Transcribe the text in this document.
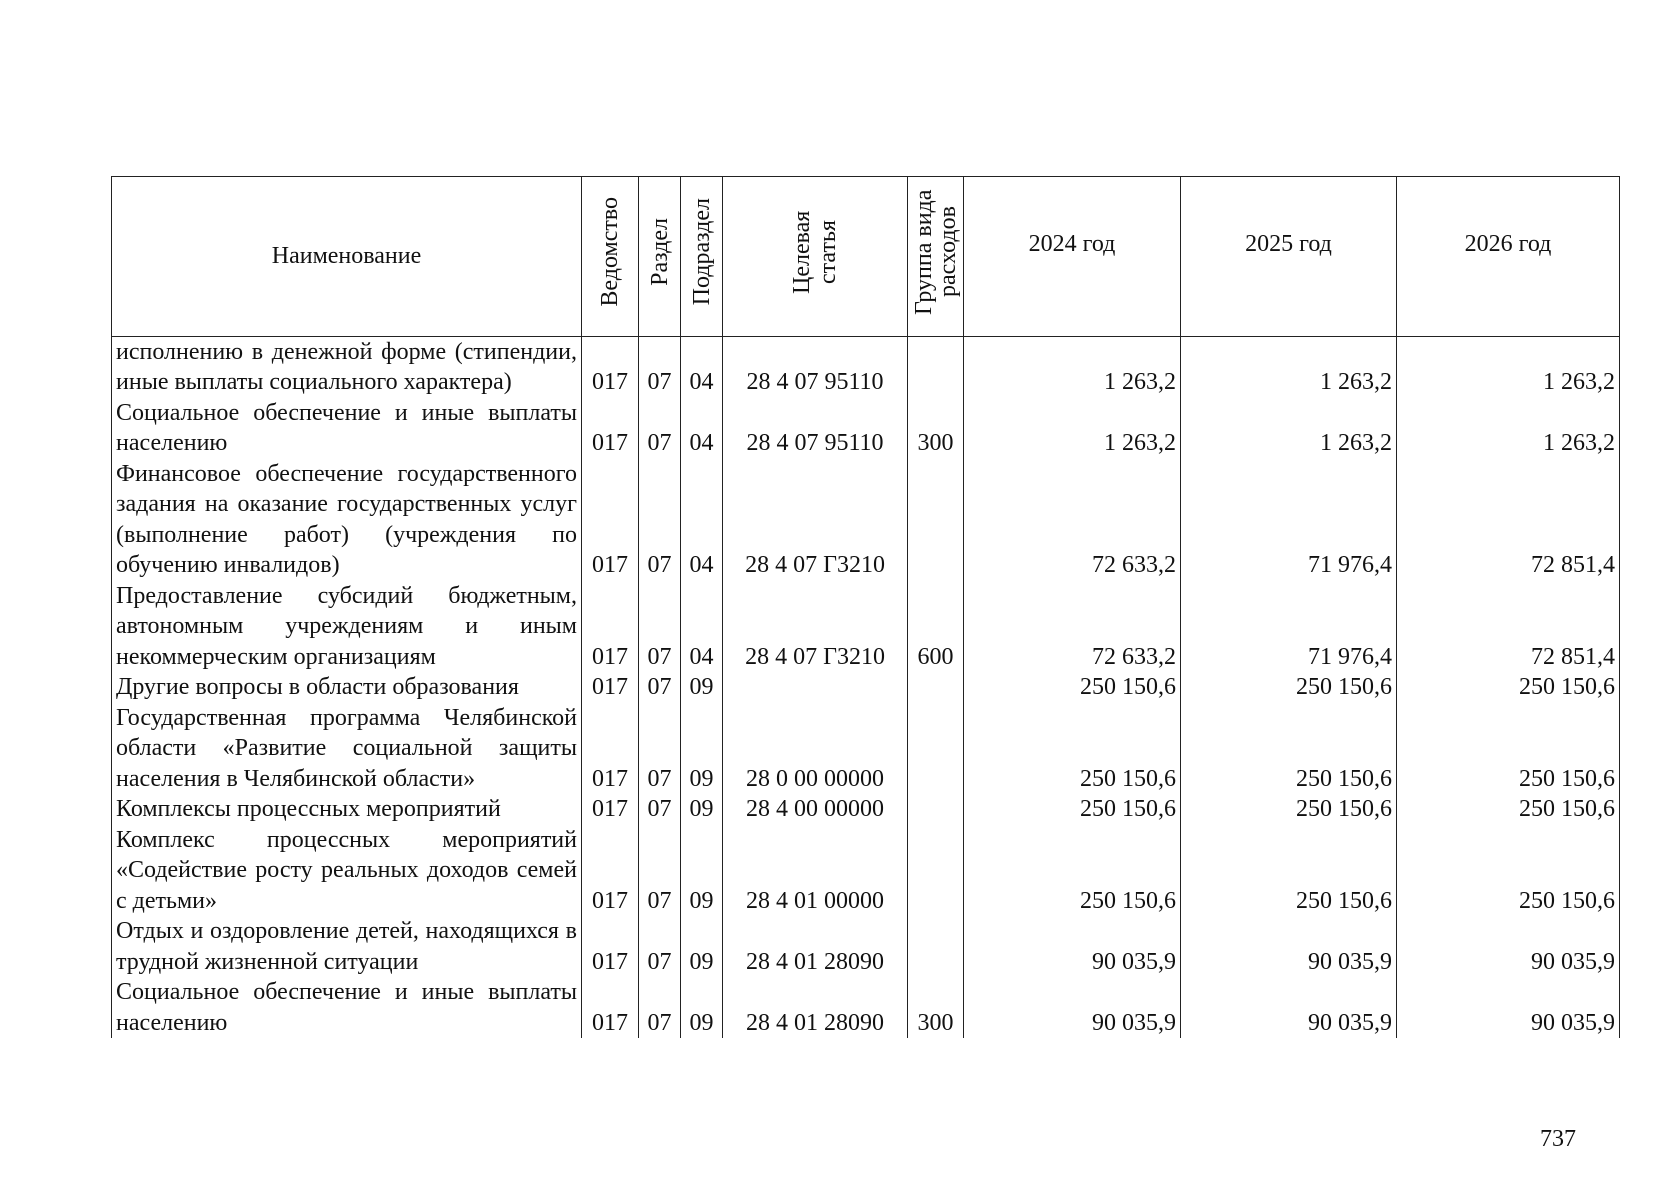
Наименование	Ведомство	Раздел	Подраздел	Целевая статья	Группа вида расходов	2024 год	2025 год	2026 год
исполнению в денежной форме (стипендии, иные выплаты социального характера)	017	07	04	28 4 07 95110		1 263,2	1 263,2	1 263,2
Социальное обеспечение и иные выплаты населению	017	07	04	28 4 07 95110	300	1 263,2	1 263,2	1 263,2
Финансовое обеспечение государственного задания на оказание государственных услуг (выполнение работ) (учреждения по обучению инвалидов)	017	07	04	28 4 07 Г3210		72 633,2	71 976,4	72 851,4
Предоставление субсидий бюджетным, автономным учреждениям и иным некоммерческим организациям	017	07	04	28 4 07 Г3210	600	72 633,2	71 976,4	72 851,4
Другие вопросы в области образования	017	07	09			250 150,6	250 150,6	250 150,6
Государственная программа Челябинской области «Развитие социальной защиты населения в Челябинской области»	017	07	09	28 0 00 00000		250 150,6	250 150,6	250 150,6
Комплексы процессных мероприятий	017	07	09	28 4 00 00000		250 150,6	250 150,6	250 150,6
Комплекс процессных мероприятий «Содействие росту реальных доходов семей с детьми»	017	07	09	28 4 01 00000		250 150,6	250 150,6	250 150,6
Отдых и оздоровление детей, находящихся в трудной жизненной ситуации	017	07	09	28 4 01 28090		90 035,9	90 035,9	90 035,9
Социальное обеспечение и иные выплаты населению	017	07	09	28 4 01 28090	300	90 035,9	90 035,9	90 035,9
737
